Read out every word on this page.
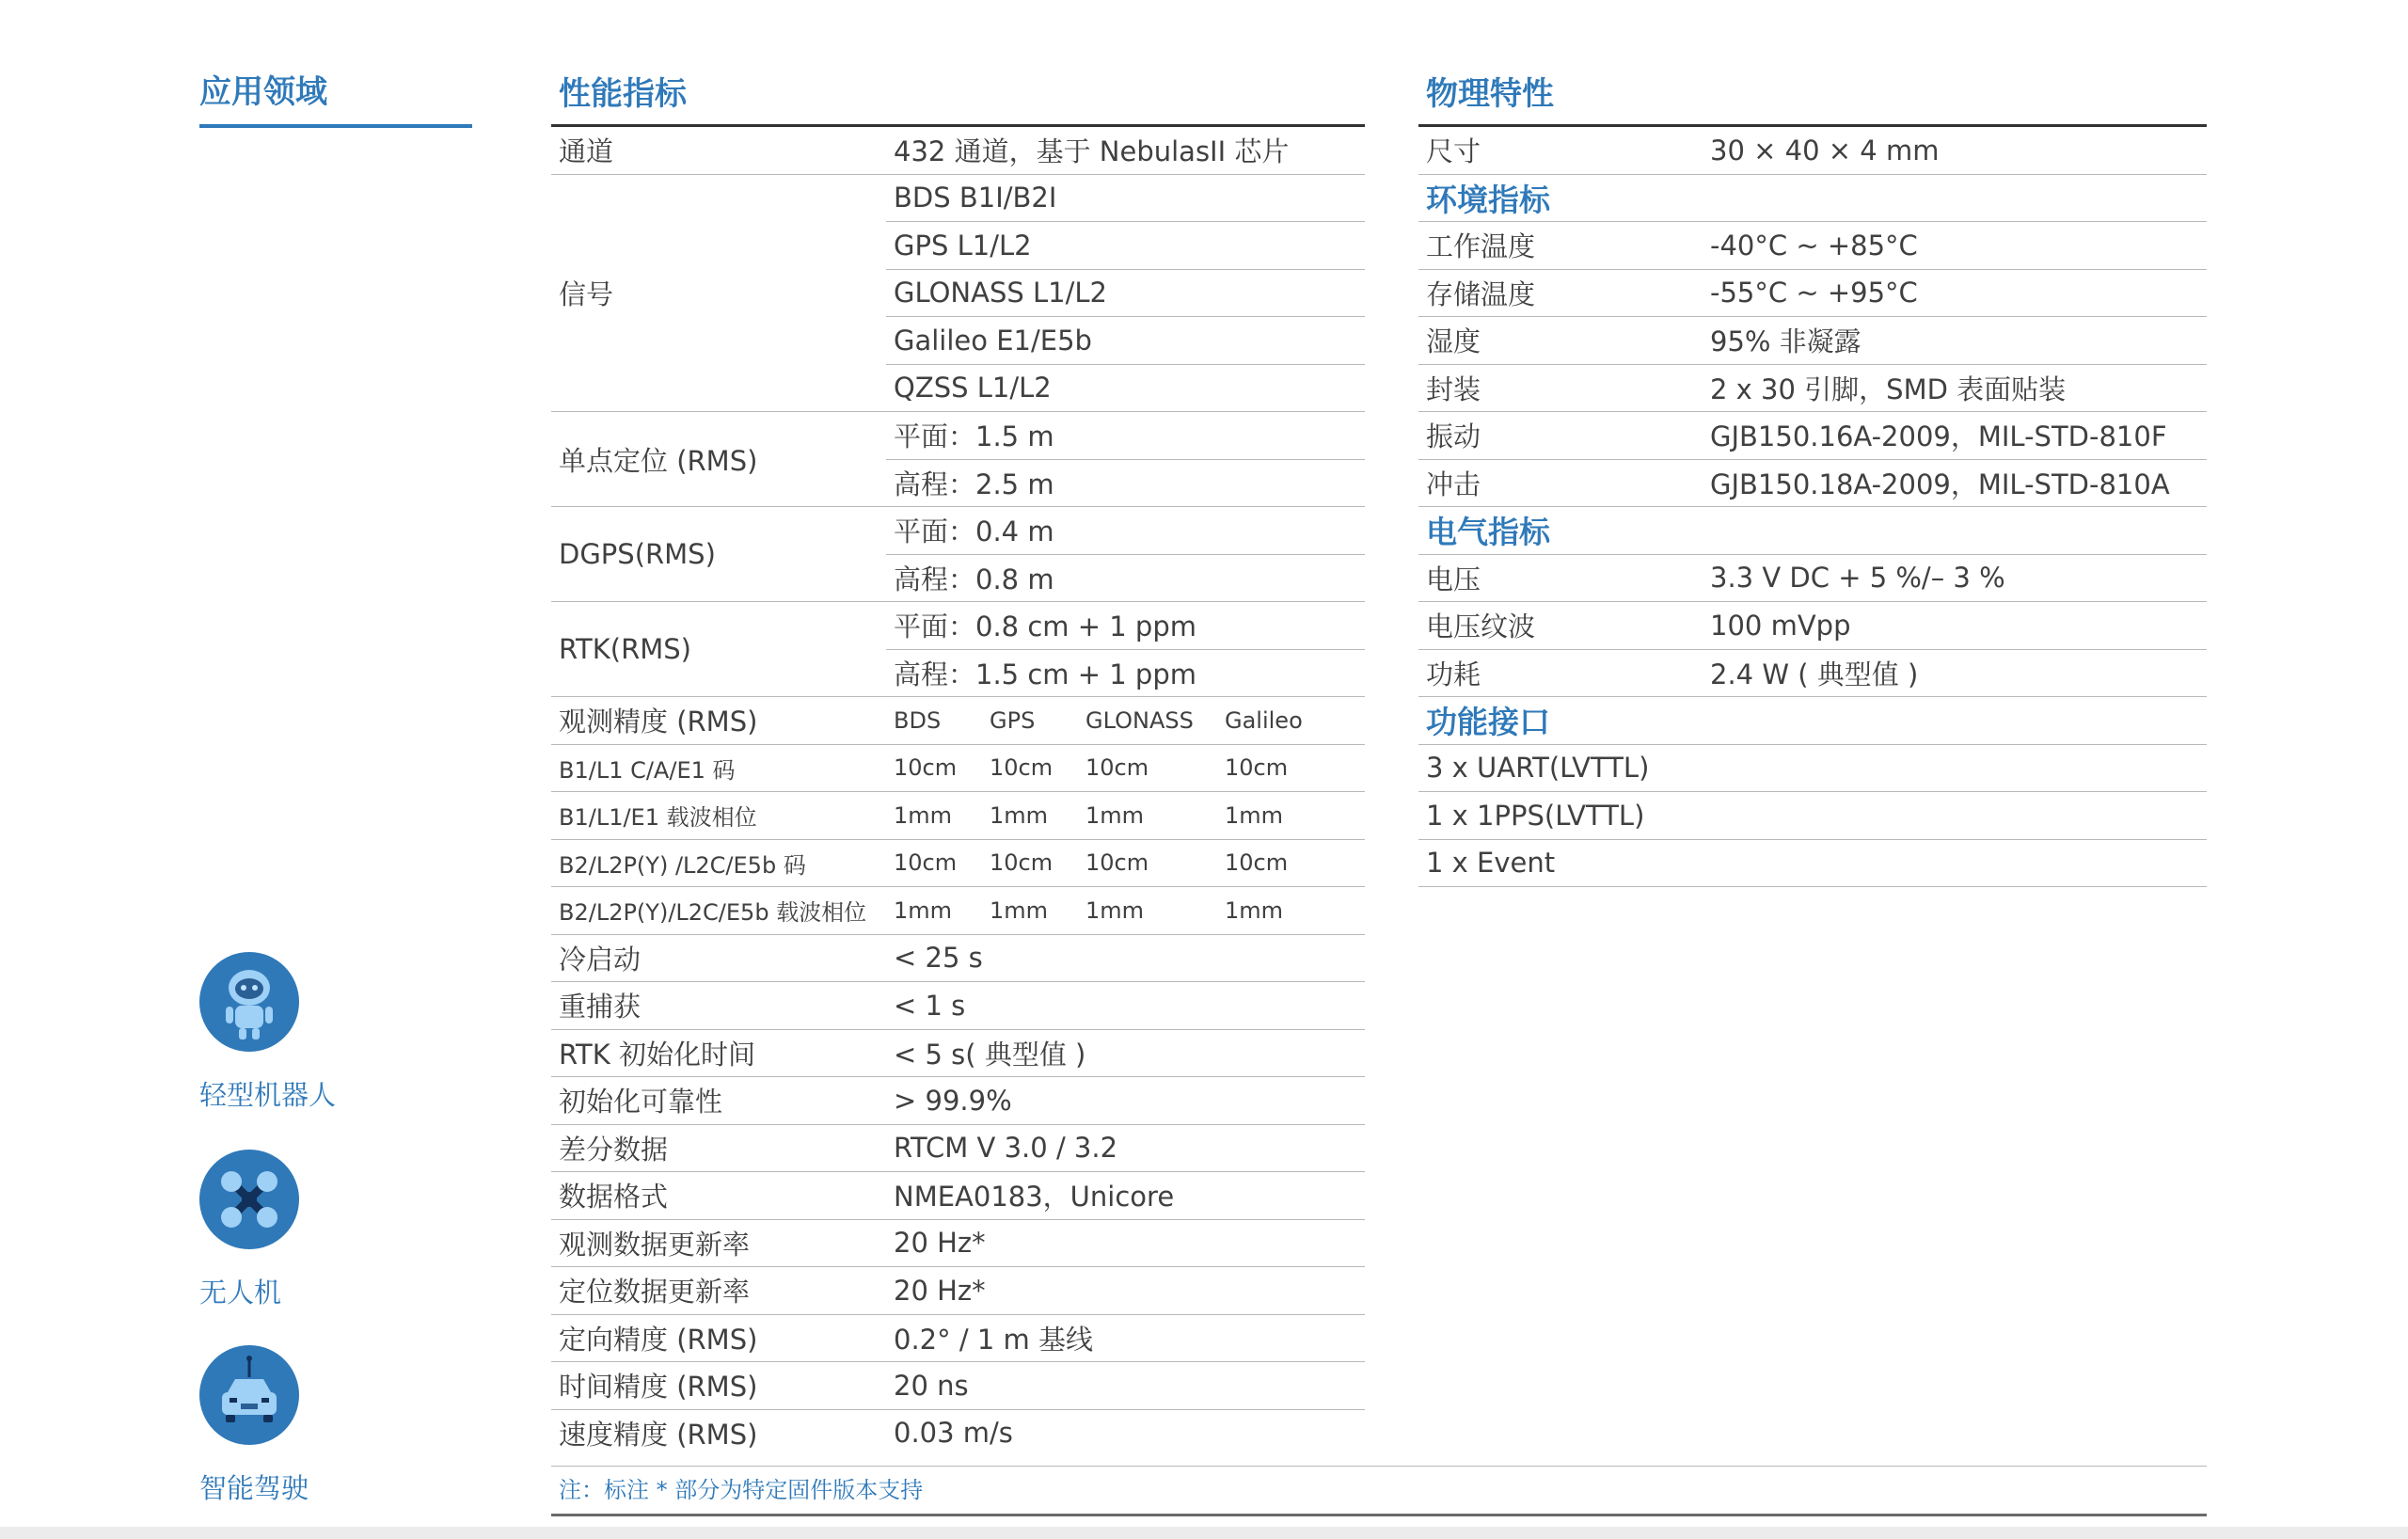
应用领域
轻型机器人
无人机
智能驾驶
性能指标
通道	432 通道，基于 NebulasII 芯片			
信号	BDS B1I/B2I			
	GPS L1/L2			
	GLONASS L1/L2			
	Galileo E1/E5b			
	QZSS L1/L2			
单点定位 (RMS)	平面：1.5 m			
	高程：2.5 m			
DGPS(RMS)	平面：0.4 m			
	高程：0.8 m			
RTK(RMS)	平面：0.8 cm + 1 ppm			
	高程：1.5 cm + 1 ppm			
观测精度 (RMS)	BDS	GPS	GLONASS	Galileo
B1/L1 C/A/E1 码	10cm	10cm	10cm	10cm
B1/L1/E1 载波相位	1mm	1mm	1mm	1mm
B2/L2P(Y) /L2C/E5b 码	10cm	10cm	10cm	10cm
B2/L2P(Y)/L2C/E5b 载波相位	1mm	1mm	1mm	1mm
冷启动	< 25 s			
重捕获	< 1 s			
RTK 初始化时间	< 5 s( 典型值 )			
初始化可靠性	> 99.9%			
差分数据	RTCM V 3.0 / 3.2			
数据格式	NMEA0183，Unicore			
观测数据更新率	20 Hz*			
定位数据更新率	20 Hz*			
定向精度 (RMS)	0.2° / 1 m 基线			
时间精度 (RMS)	20 ns			
速度精度 (RMS)	0.03 m/s			
物理特性
尺寸	30 × 40 × 4 mm
环境指标	
工作温度	-40°C ~ +85°C
存储温度	-55°C ~ +95°C
湿度	95% 非凝露
封装	2 x 30 引脚，SMD 表面贴装
振动	GJB150.16A-2009，MIL-STD-810F
冲击	GJB150.18A-2009，MIL-STD-810A
电气指标	
电压	3.3 V DC + 5 %/– 3 %
电压纹波	100 mVpp
功耗	2.4 W ( 典型值 )
功能接口	
3 x UART(LVTTL)	
1 x 1PPS(LVTTL)	
1 x Event	
注：标注 * 部分为特定固件版本支持
